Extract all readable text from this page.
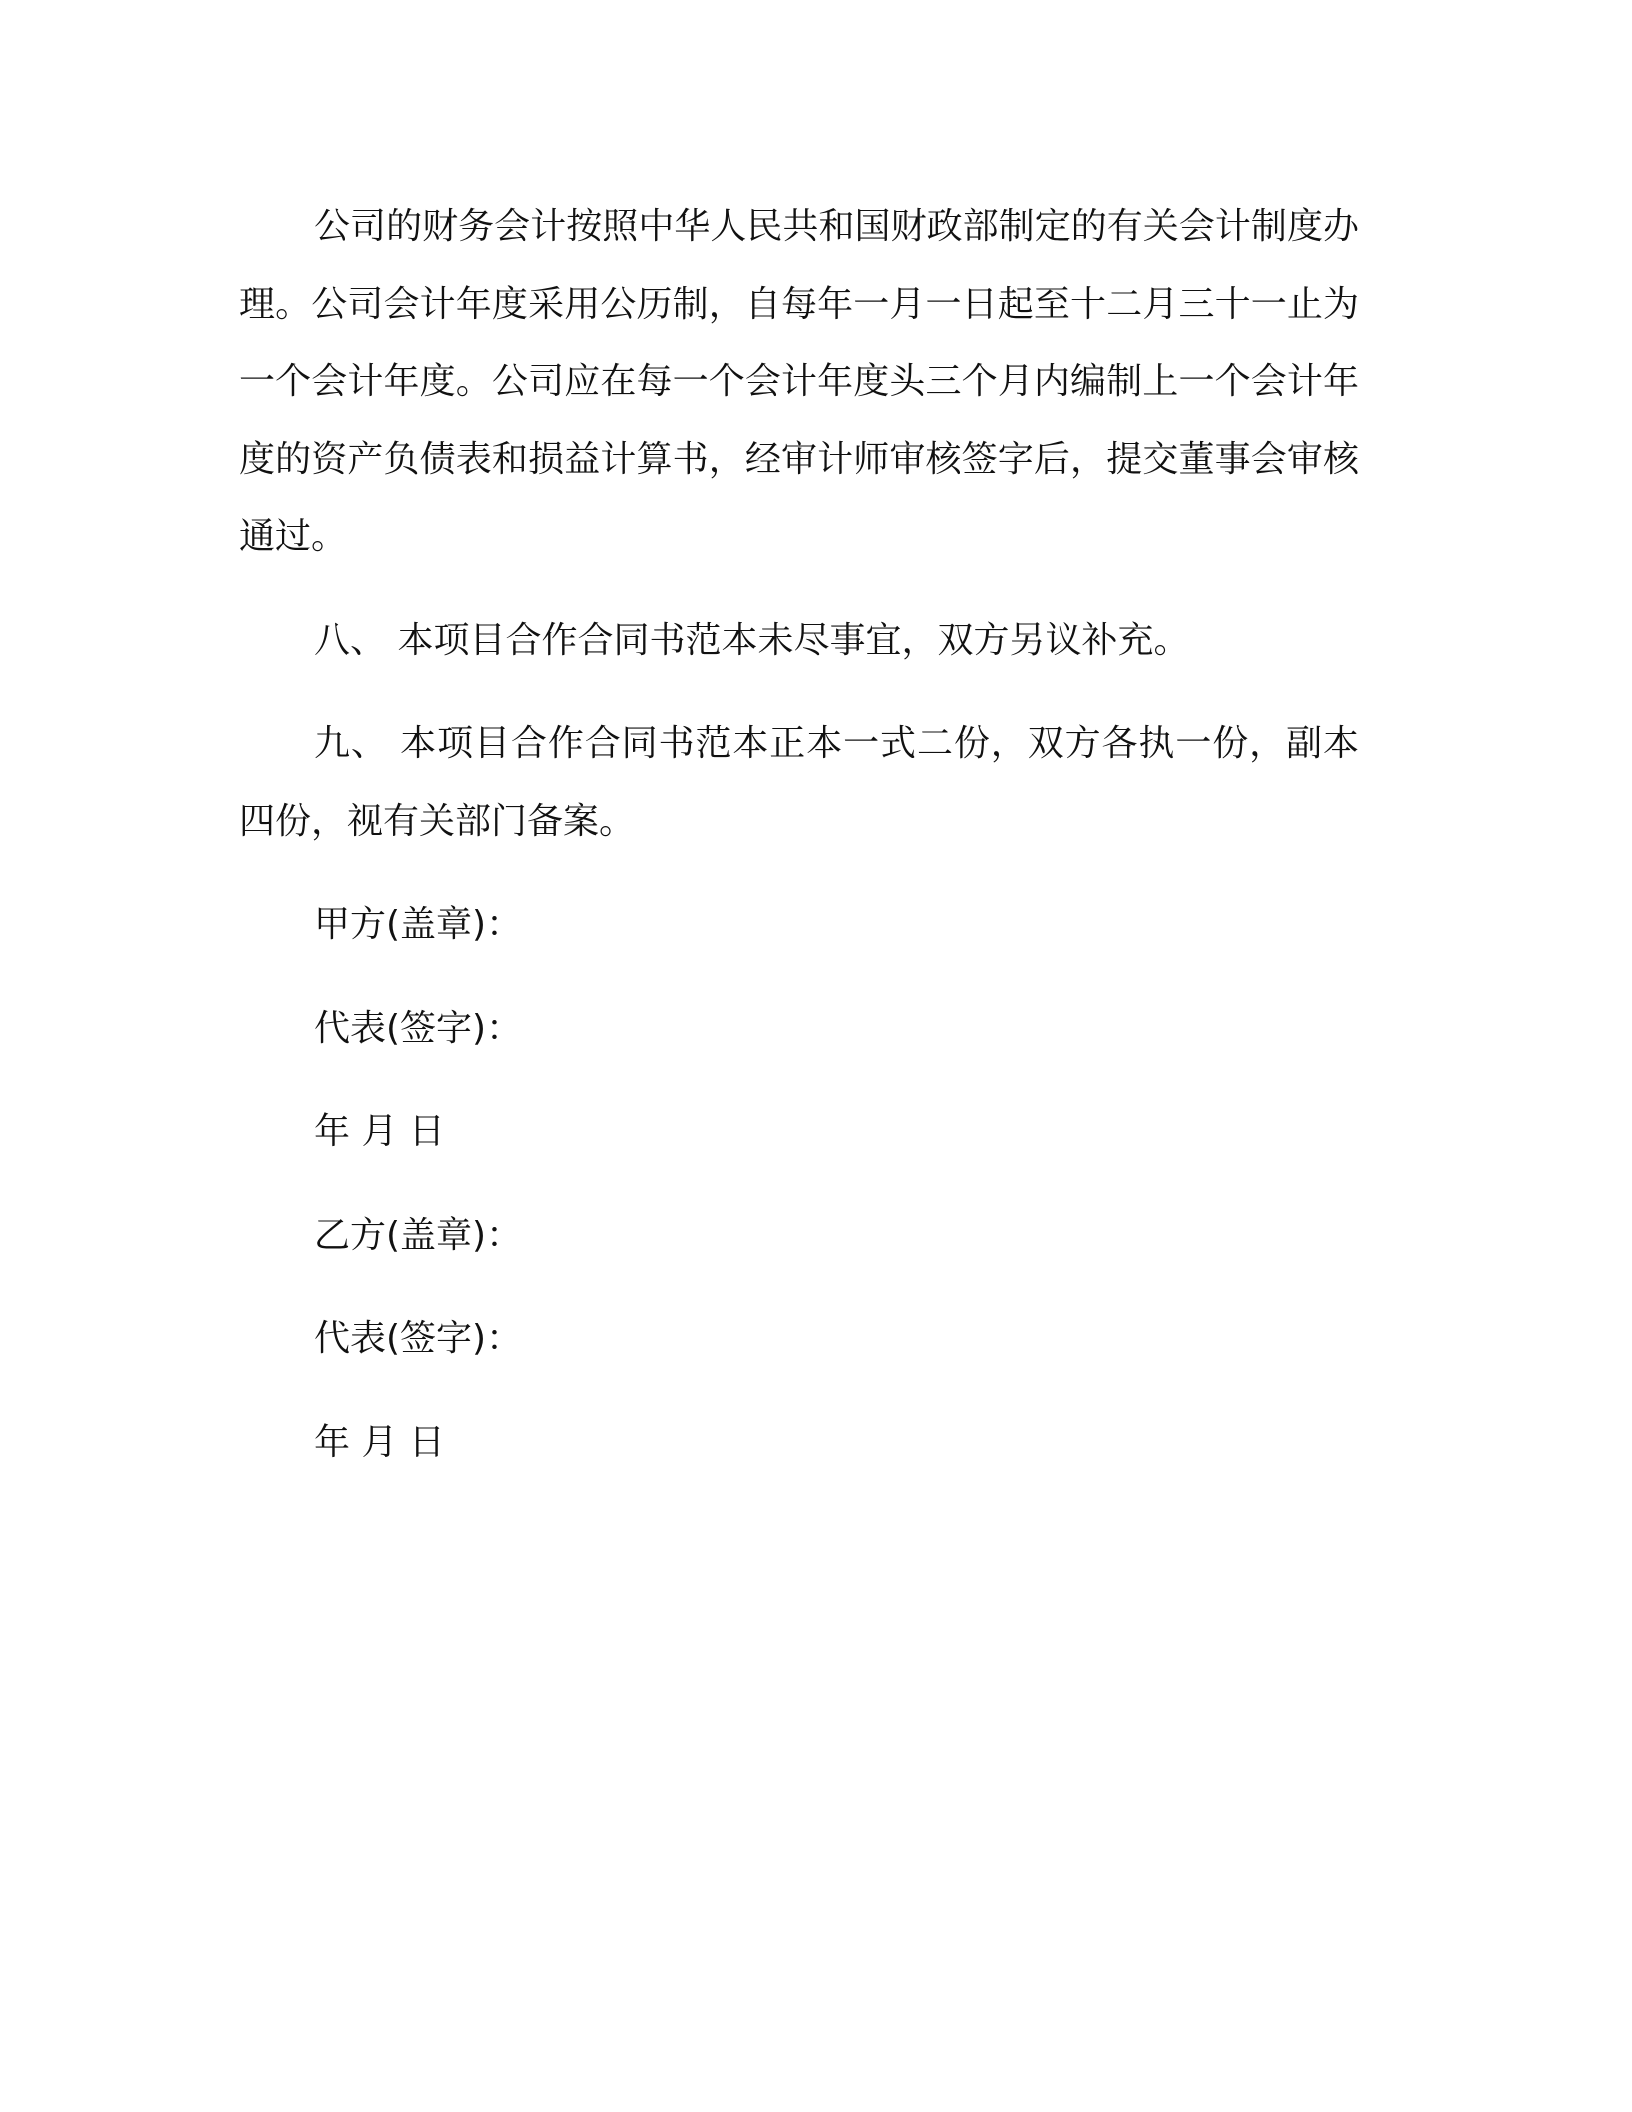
公司的财务会计按照中华人民共和国财政部制定的有关会计制度办理。公司会计年度采用公历制，自每年一月一日起至十二月三十一止为一个会计年度。公司应在每一个会计年度头三个月内编制上一个会计年度的资产负债表和损益计算书，经审计师审核签字后，提交董事会审核通过。

八、 本项目合作合同书范本未尽事宜，双方另议补充。

九、 本项目合作合同书范本正本一式二份，双方各执一份，副本四份，视有关部门备案。

甲方(盖章)：

代表(签字)：

年 月 日

乙方(盖章)：

代表(签字)：

年 月 日
